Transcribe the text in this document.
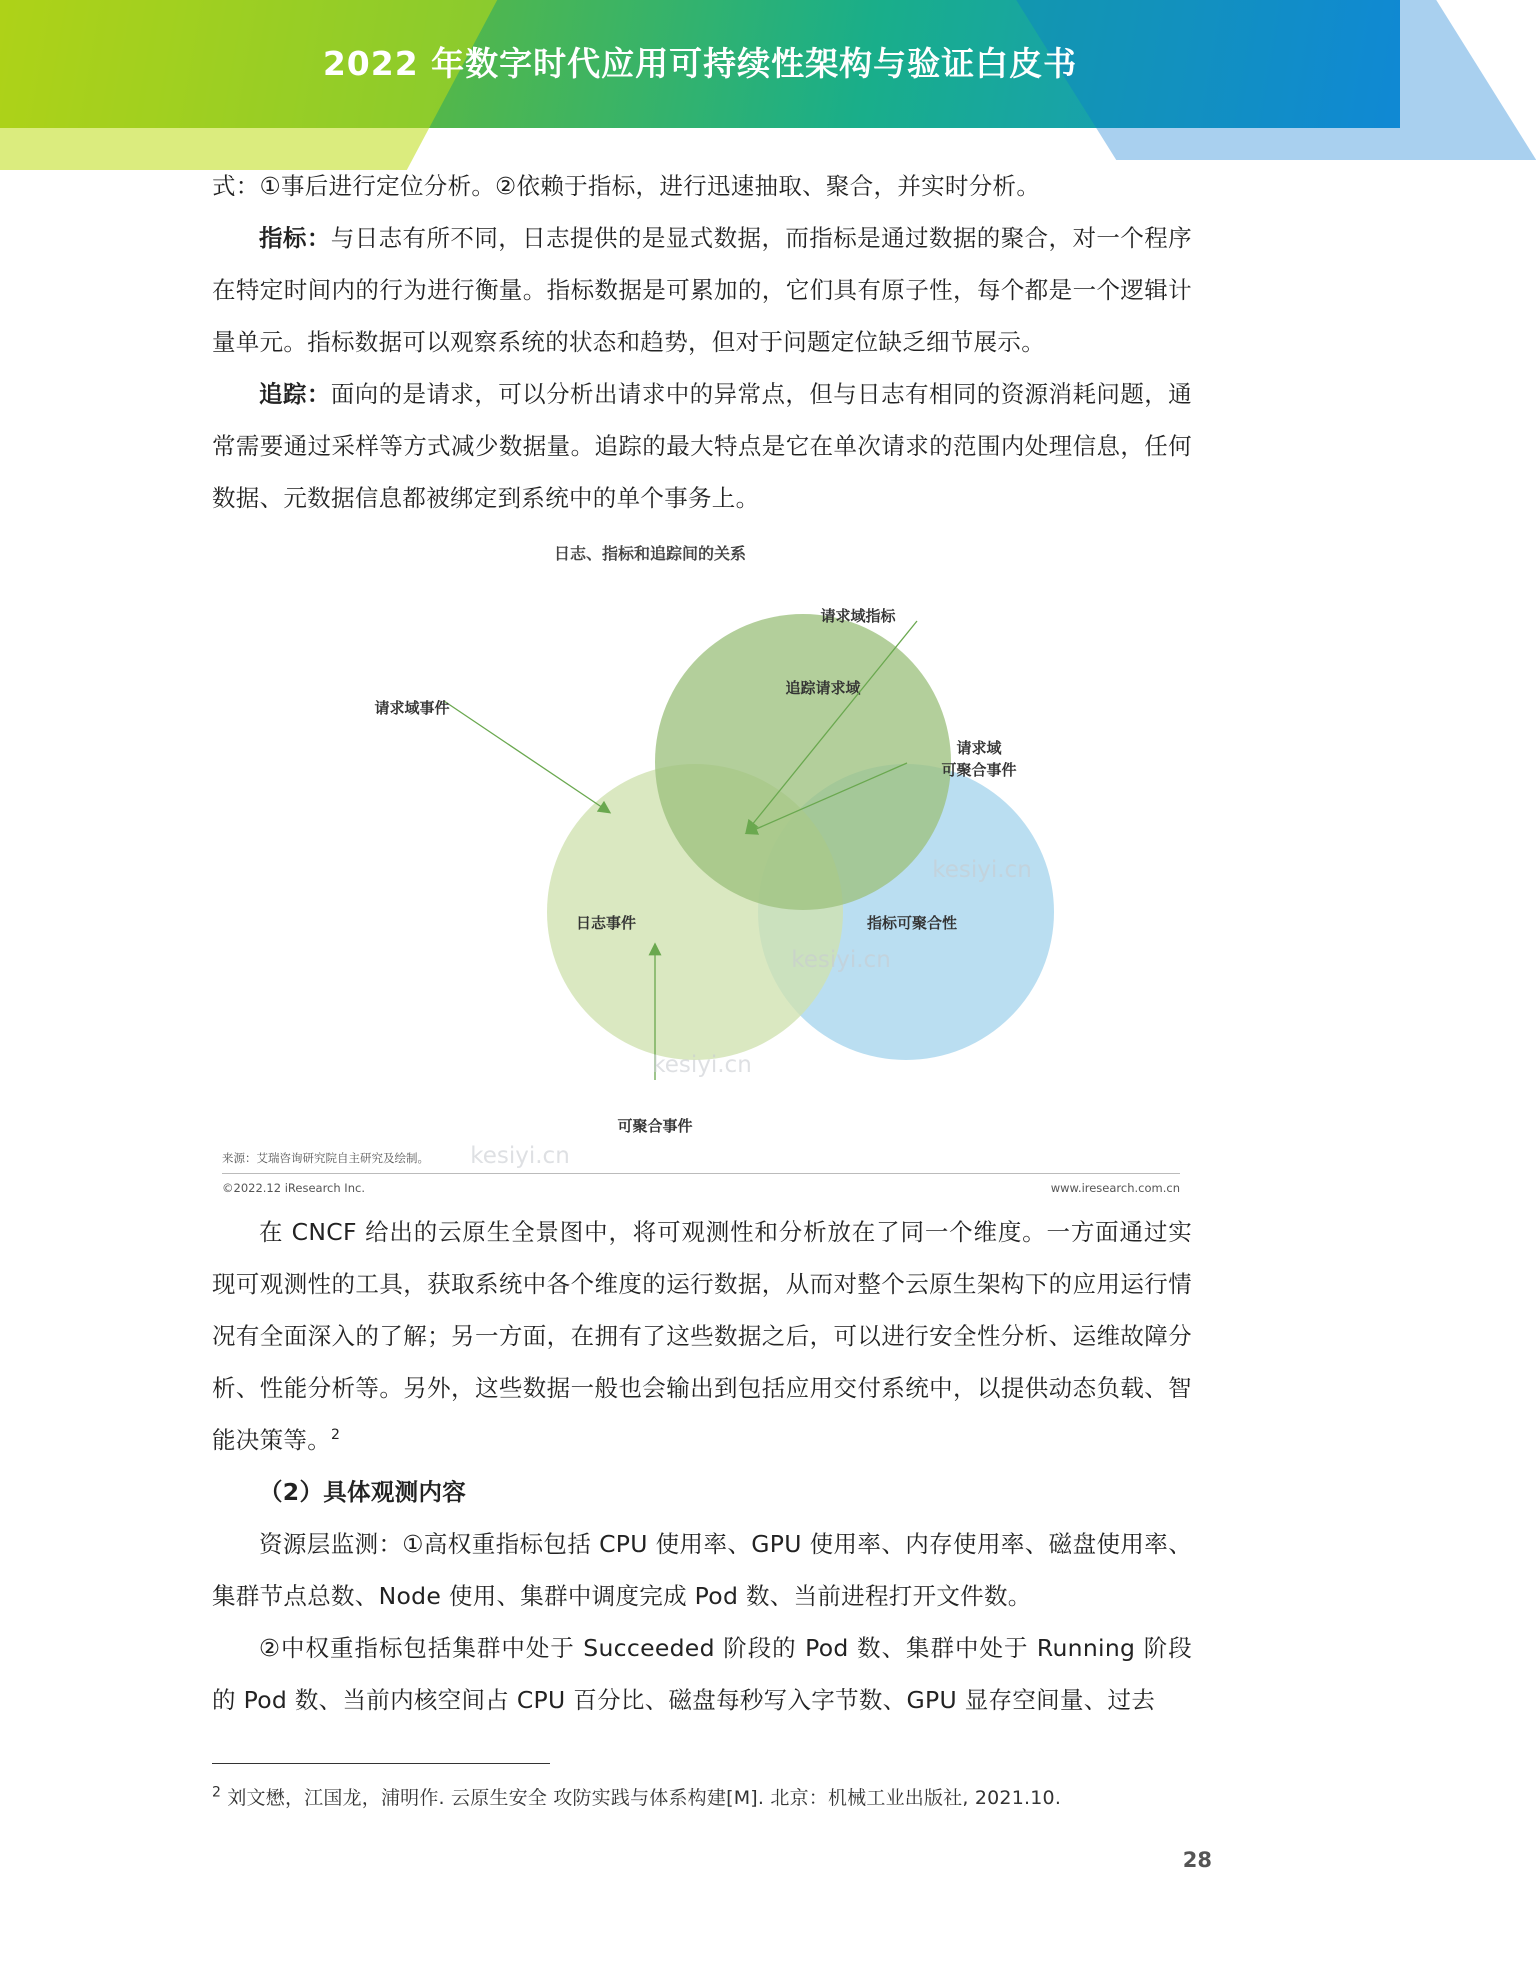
2022 年数字时代应用可持续性架构与验证白皮书

式：①事后进行定位分析。②依赖于指标，进行迅速抽取、聚合，并实时分析。

指标：与日志有所不同，日志提供的是显式数据，而指标是通过数据的聚合，对一个程序在特定时间内的行为进行衡量。指标数据是可累加的，它们具有原子性，每个都是一个逻辑计量单元。指标数据可以观察系统的状态和趋势，但对于问题定位缺乏细节展示。

追踪：面向的是请求，可以分析出请求中的异常点，但与日志有相同的资源消耗问题，通常需要通过采样等方式减少数据量。追踪的最大特点是它在单次请求的范围内处理信息，任何数据、元数据信息都被绑定到系统中的单个事务上。

日志、指标和追踪间的关系
追踪请求域
日志事件	指标可聚合性
请求域事件
请求域指标
请求域
可聚合事件
可聚合事件
kesiyi.cn
kesiyi.cn
kesiyi.cn
kesiyi.cn
来源：艾瑞咨询研究院自主研究及绘制。
©2022.12 iResearch Inc.	www.iresearch.com.cn

在 CNCF 给出的云原生全景图中，将可观测性和分析放在了同一个维度。一方面通过实现可观测性的工具，获取系统中各个维度的运行数据，从而对整个云原生架构下的应用运行情况有全面深入的了解；另一方面，在拥有了这些数据之后，可以进行安全性分析、运维故障分析、性能分析等。另外，这些数据一般也会输出到包括应用交付系统中，以提供动态负载、智能决策等。$^2$

（2）具体观测内容

资源层监测：①高权重指标包括 CPU 使用率、GPU 使用率、内存使用率、磁盘使用率、集群节点总数、Node 使用、集群中调度完成 Pod 数、当前进程打开文件数。

②中权重指标包括集群中处于 Succeeded 阶段的 Pod 数、集群中处于 Running 阶段的 Pod 数、当前内核空间占 CPU 百分比、磁盘每秒写入字节数、GPU 显存空间量、过去

$^2$ 刘文懋，江国龙，浦明作. 云原生安全 攻防实践与体系构建[M]. 北京：机械工业出版社, 2021.10.
28
